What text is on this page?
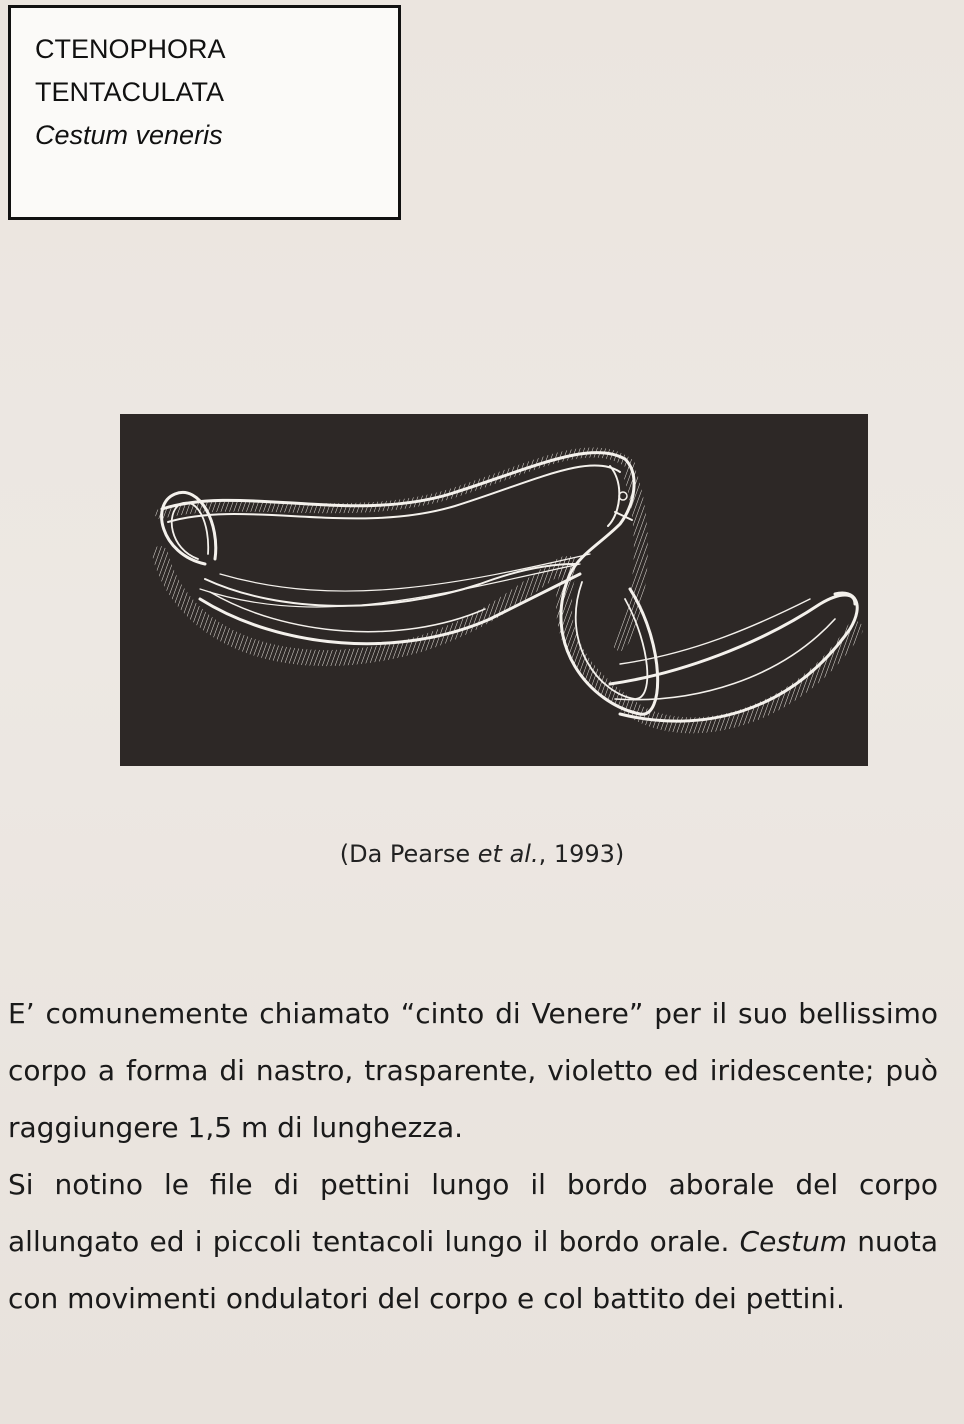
CTENOPHORA
TENTACULATA
Cestum veneris
(Da Pearse et al., 1993)

E’ comunemente chiamato “cinto di Venere” per il suo bellissimo corpo a forma di nastro, trasparente, violetto ed iridescente; può raggiungere 1,5 m di lunghezza.

Si notino le file di pettini lungo il bordo aborale del corpo allungato ed i piccoli tentacoli lungo il bordo orale. Cestum nuota con movimenti ondulatori del corpo e col battito dei pettini.
